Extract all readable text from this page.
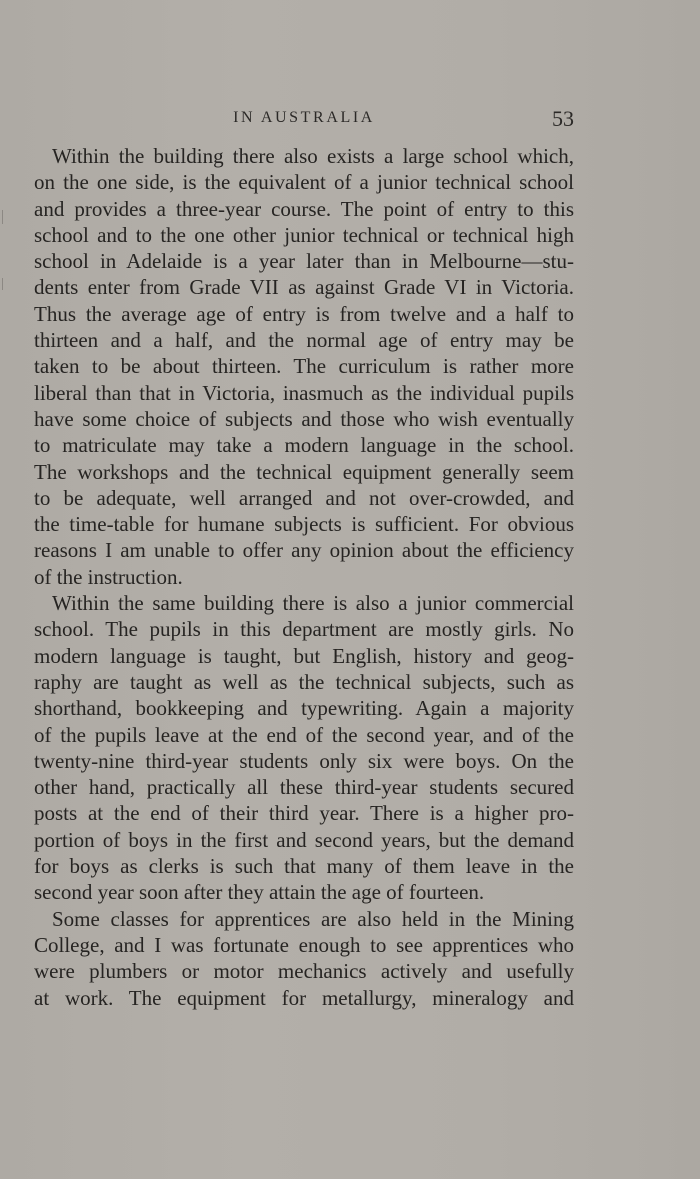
IN AUSTRALIA	53
Within the building there also exists a large school which,
on the one side, is the equivalent of a junior technical school
and provides a three-year course. The point of entry to this
school and to the one other junior technical or technical high
school in Adelaide is a year later than in Melbourne—stu-
dents enter from Grade VII as against Grade VI in Victoria.
Thus the average age of entry is from twelve and a half to
thirteen and a half, and the normal age of entry may be
taken to be about thirteen. The curriculum is rather more
liberal than that in Victoria, inasmuch as the individual pupils
have some choice of subjects and those who wish eventually
to matriculate may take a modern language in the school.
The workshops and the technical equipment generally seem
to be adequate, well arranged and not over-crowded, and
the time-table for humane subjects is sufficient. For obvious
reasons I am unable to offer any opinion about the efficiency
of the instruction.
Within the same building there is also a junior commercial
school. The pupils in this department are mostly girls. No
modern language is taught, but English, history and geog-
raphy are taught as well as the technical subjects, such as
shorthand, bookkeeping and typewriting. Again a majority
of the pupils leave at the end of the second year, and of the
twenty-nine third-year students only six were boys. On the
other hand, practically all these third-year students secured
posts at the end of their third year. There is a higher pro-
portion of boys in the first and second years, but the demand
for boys as clerks is such that many of them leave in the
second year soon after they attain the age of fourteen.
Some classes for apprentices are also held in the Mining
College, and I was fortunate enough to see apprentices who
were plumbers or motor mechanics actively and usefully
at work. The equipment for metallurgy, mineralogy and
